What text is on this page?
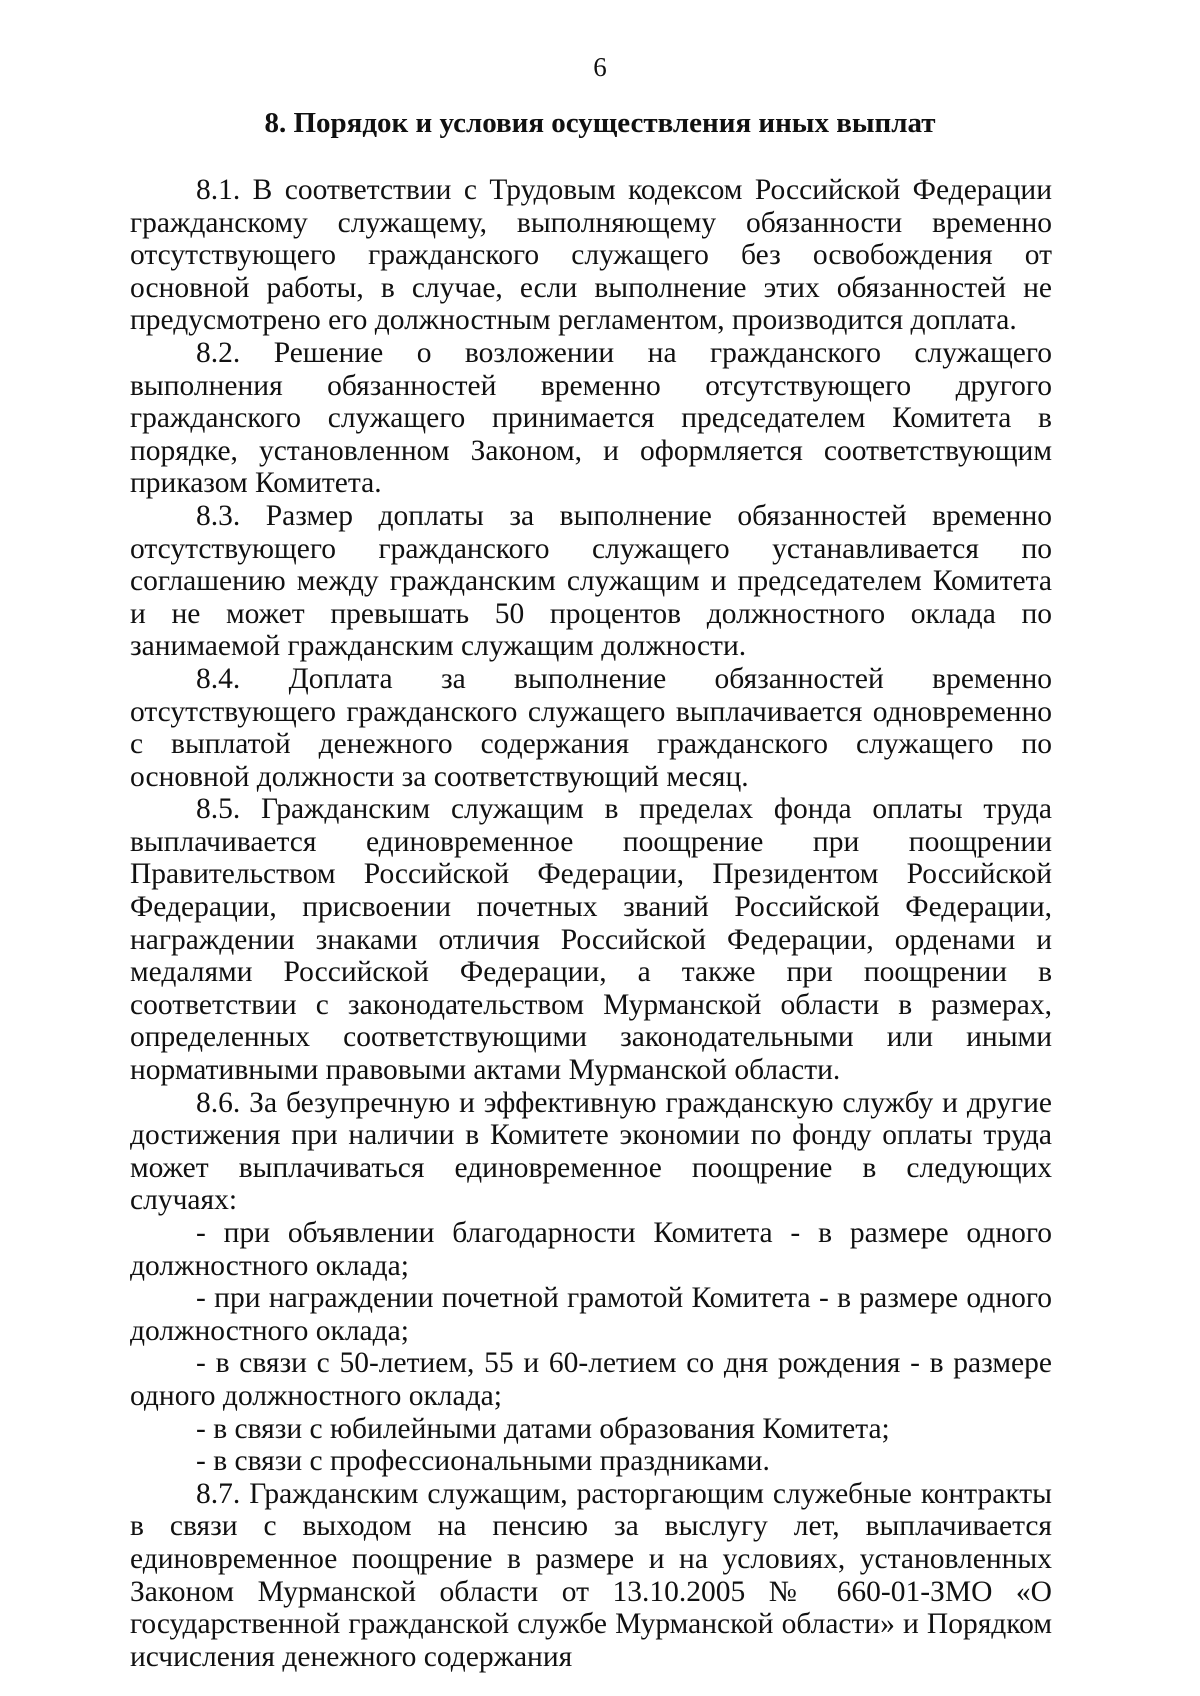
6
8. Порядок и условия осуществления иных выплат

8.1. В соответствии с Трудовым кодексом Российской Федерации гражданскому служащему, выполняющему обязанности временно отсутствующего гражданского служащего без освобождения от основной работы, в случае, если выполнение этих обязанностей не предусмотрено его должностным регламентом, производится доплата.

8.2. Решение о возложении на гражданского служащего выполнения обязанностей временно отсутствующего другого гражданского служащего принимается председателем Комитета в порядке, установленном Законом, и оформляется соответствующим приказом Комитета.

8.3. Размер доплаты за выполнение обязанностей временно отсутствующего гражданского служащего устанавливается по соглашению между гражданским служащим и председателем Комитета и не может превышать 50 процентов должностного оклада по занимаемой гражданским служащим должности.

8.4. Доплата за выполнение обязанностей временно отсутствующего гражданского служащего выплачивается одновременно с выплатой денежного содержания гражданского служащего по основной должности за соответствующий месяц.

8.5. Гражданским служащим в пределах фонда оплаты труда выплачивается единовременное поощрение при поощрении Правительством Российской Федерации, Президентом Российской Федерации, присвоении почетных званий Российской Федерации, награждении знаками отличия Российской Федерации, орденами и медалями Российской Федерации, а также при поощрении в соответствии с законодательством Мурманской области в размерах, определенных соответствующими законодательными или иными нормативными правовыми актами Мурманской области.

8.6. За безупречную и эффективную гражданскую службу и другие достижения при наличии в Комитете экономии по фонду оплаты труда может выплачиваться единовременное поощрение в следующих случаях:

- при объявлении благодарности Комитета - в размере одного должностного оклада;

- при награждении почетной грамотой Комитета - в размере одного должностного оклада;

- в связи с 50-летием, 55 и 60-летием со дня рождения - в размере одного должностного оклада;

- в связи с юбилейными датами образования Комитета;

- в связи с профессиональными праздниками.

8.7. Гражданским служащим, расторгающим служебные контракты в связи с выходом на пенсию за выслугу лет, выплачивается единовременное поощрение в размере и на условиях, установленных Законом Мурманской области от 13.10.2005 № 660-01-ЗМО «О государственной гражданской службе Мурманской области» и Порядком исчисления денежного содержания
